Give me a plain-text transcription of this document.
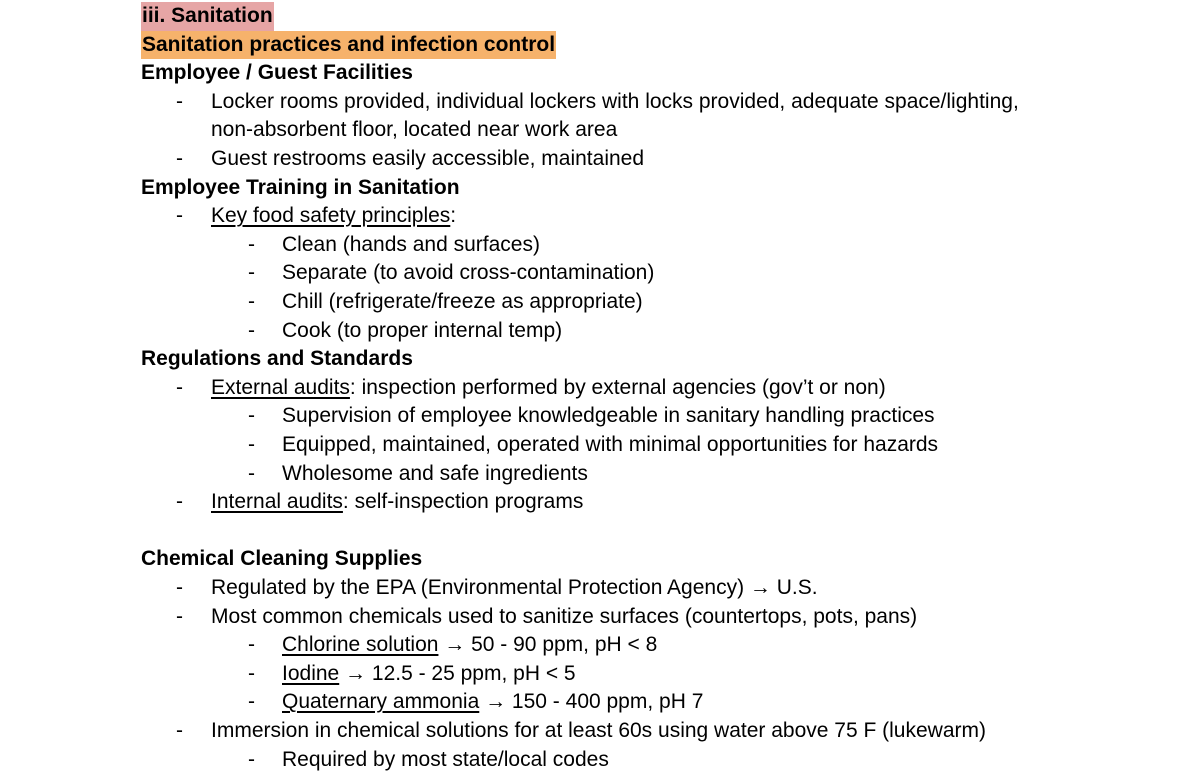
iii. Sanitation
Sanitation practices and infection control
Employee / Guest Facilities
- Locker rooms provided, individual lockers with locks provided, adequate space/lighting,
non-absorbent floor, located near work area
- Guest restrooms easily accessible, maintained
Employee Training in Sanitation
- Key food safety principles:
- Clean (hands and surfaces)
- Separate (to avoid cross-contamination)
- Chill (refrigerate/freeze as appropriate)
- Cook (to proper internal temp)
Regulations and Standards
- External audits: inspection performed by external agencies (gov’t or non)
- Supervision of employee knowledgeable in sanitary handling practices
- Equipped, maintained, operated with minimal opportunities for hazards
- Wholesome and safe ingredients
- Internal audits: self-inspection programs
Chemical Cleaning Supplies
- Regulated by the EPA (Environmental Protection Agency) → U.S.
- Most common chemicals used to sanitize surfaces (countertops, pots, pans)
- Chlorine solution → 50 - 90 ppm, pH < 8
- Iodine → 12.5 - 25 ppm, pH < 5
- Quaternary ammonia → 150 - 400 ppm, pH 7
- Immersion in chemical solutions for at least 60s using water above 75 F (lukewarm)
- Required by most state/local codes
